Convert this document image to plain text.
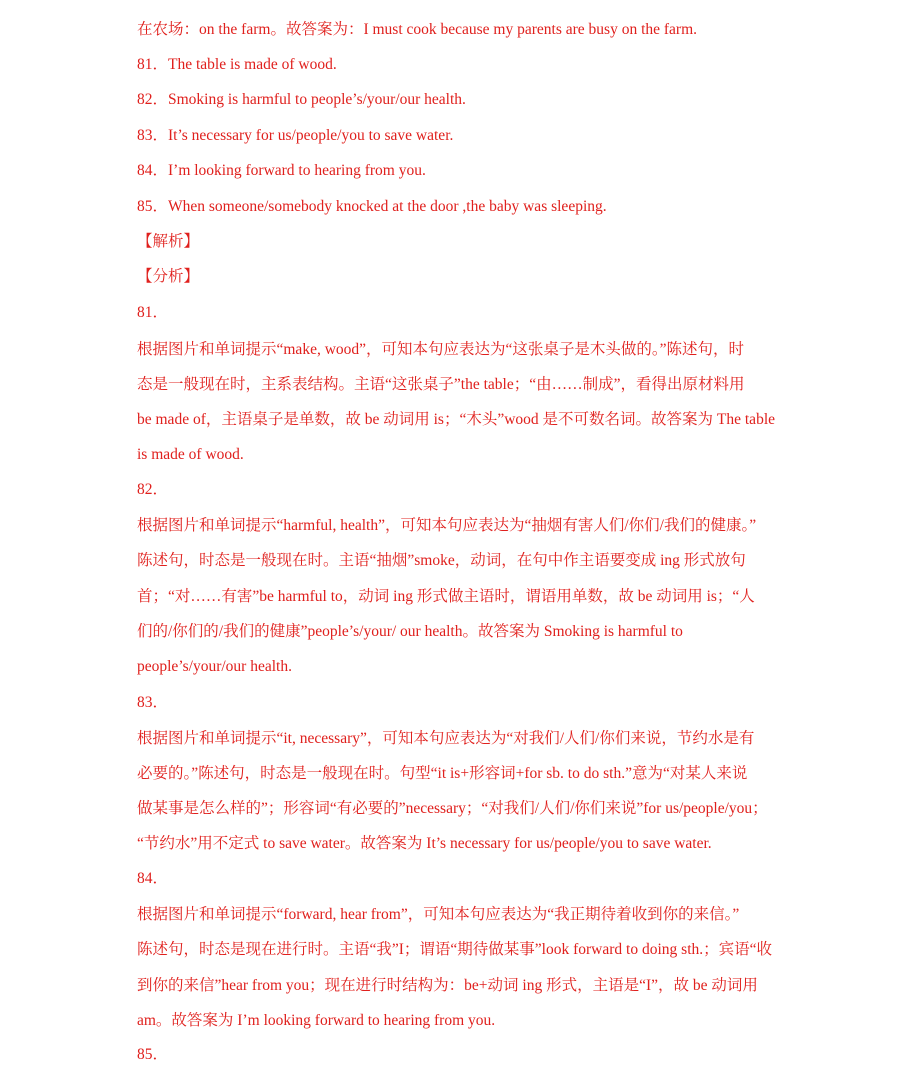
在农场：on the farm。故答案为：I must cook because my parents are busy on the farm.
81．The table is made of wood.
82．Smoking is harmful to people’s/your/our health.
83．It’s necessary for us/people/you to save water.
84．I’m looking forward to hearing from you.
85．When someone/somebody knocked at the door ,the baby was sleeping.
【解析】
【分析】
81．
根据图片和单词提示“make, wood”，可知本句应表达为“这张桌子是木头做的。”陈述句，时
态是一般现在时，主系表结构。主语“这张桌子”the table；“由……制成”，看得出原材料用
be made of，主语桌子是单数，故 be 动词用 is；“木头”wood 是不可数名词。故答案为 The table
is made of wood.
82．
根据图片和单词提示“harmful, health”，可知本句应表达为“抽烟有害人们/你们/我们的健康。”
陈述句，时态是一般现在时。主语“抽烟”smoke，动词，在句中作主语要变成 ing 形式放句
首；“对……有害”be harmful to，动词 ing 形式做主语时，谓语用单数，故 be 动词用 is；“人
们的/你们的/我们的健康”people’s/your/ our health。故答案为 Smoking is harmful to
people’s/your/our health.
83．
根据图片和单词提示“it, necessary”，可知本句应表达为“对我们/人们/你们来说，节约水是有
必要的。”陈述句，时态是一般现在时。句型“it is+形容词+for sb. to do sth.”意为“对某人来说
做某事是怎么样的”；形容词“有必要的”necessary；“对我们/人们/你们来说”for us/people/you；
“节约水”用不定式 to save water。故答案为 It’s necessary for us/people/you to save water.
84．
根据图片和单词提示“forward, hear from”，可知本句应表达为“我正期待着收到你的来信。”
陈述句，时态是现在进行时。主语“我”I；谓语“期待做某事”look forward to doing sth.；宾语“收
到你的来信”hear from you；现在进行时结构为：be+动词 ing 形式，主语是“I”，故 be 动词用
am。故答案为 I’m looking forward to hearing from you.
85．
